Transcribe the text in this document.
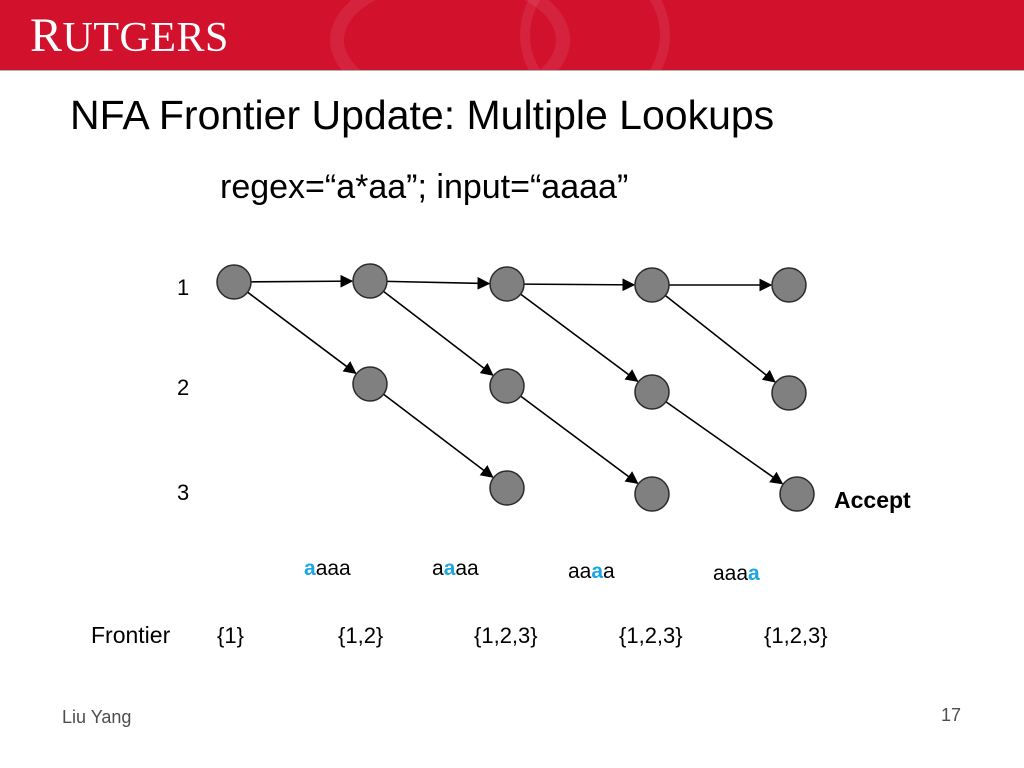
RUTGERS
NFA Frontier Update: Multiple Lookups
regex=“a*aa”; input=“aaaa”
1
2
3	Accept
aaaa	aaaa	aaaa	aaaa
Frontier {1}	{1,2}	{1,2,3}	{1,2,3}	{1,2,3}
Liu Yang	17
